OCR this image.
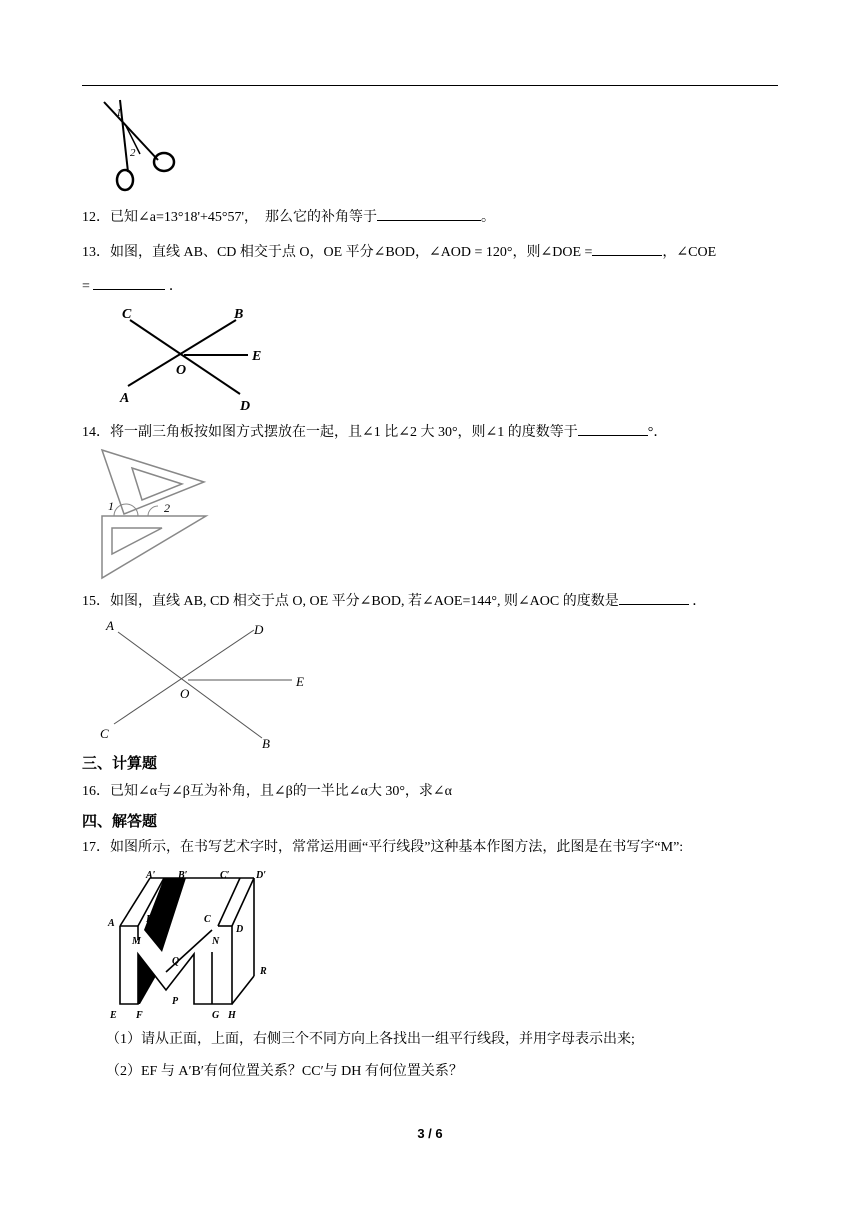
1
2
12．已知∠a=13°18'+45°57'，　那么它的补角等于	。
13．如图，直线 AB、CD 相交于点 O，OE 平分∠BOD，∠AOD = 120°，则∠DOE =	，∠COE
=	．
C	B
E
O
A
D
14．将一副三角板按如图方式摆放在一起，且∠1 比∠2 大 30°，则∠1 的度数等于	°．
1	2
15．如图，直线 AB, CD 相交于点 O, OE 平分∠BOD, 若∠AOE=144°, 则∠AOC 的度数是	．
A	D
E
O
C
B
三、计算题
16．已知∠α与∠β互为补角，且∠β的一半比∠α大 30°，求∠α
四、解答题
17．如图所示，在书写艺术字时，常常运用画“平行线段”这种基本作图方法，此图是在书写字“M”:
A′ B′	C′	D′
A	B	C
D
M	N
Q
R
P
E F	G H
（1）请从正面，上面，右侧三个不同方向上各找出一组平行线段，并用字母表示出来;
（2）EF 与 A′B′有何位置关系？CC′与 DH 有何位置关系？
3 / 6
